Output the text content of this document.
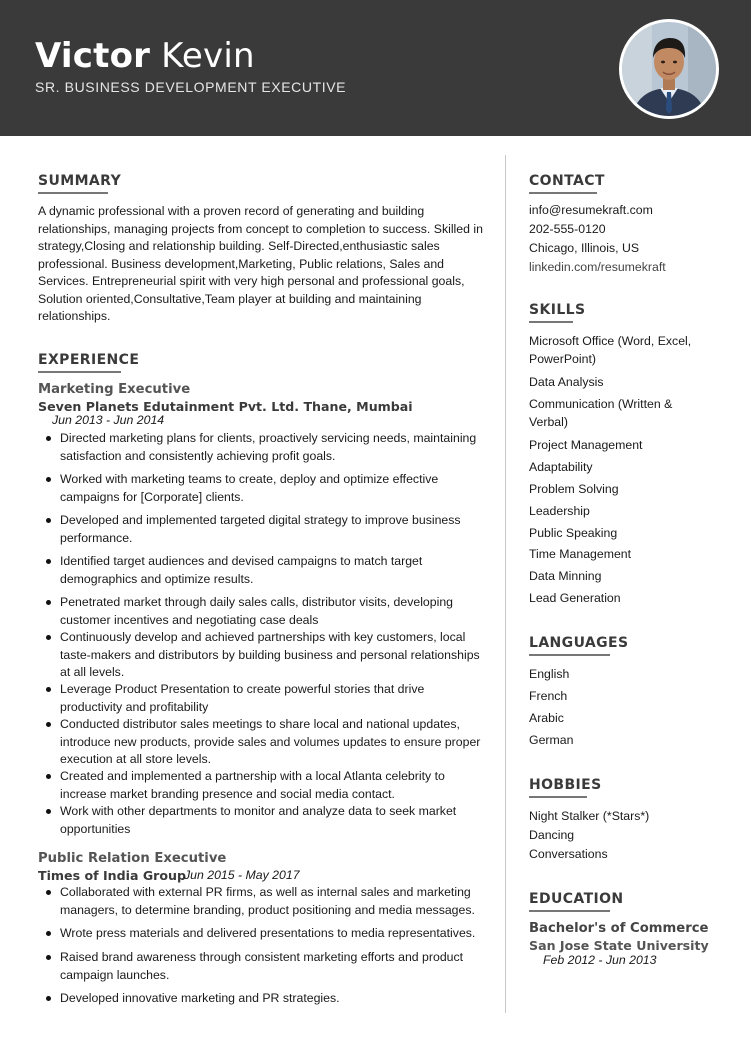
Victor Kevin
SR. BUSINESS DEVELOPMENT EXECUTIVE
SUMMARY
A dynamic professional with a proven record of generating and building
relationships, managing projects from concept to completion to success. Skilled in
strategy,Closing and relationship building. Self-Directed,enthusiastic sales
professional. Business development,Marketing, Public relations, Sales and
Services. Entrepreneurial spirit with very high personal and professional goals,
Solution oriented,Consultative,Team player at building and maintaining
relationships.
EXPERIENCE
Marketing Executive
Seven Planets Edutainment Pvt. Ltd. Thane, Mumbai
Jun 2013 - Jun 2014
Directed marketing plans for clients, proactively servicing needs, maintaining
satisfaction and consistently achieving profit goals.
Worked with marketing teams to create, deploy and optimize effective
campaigns for [Corporate] clients.
Developed and implemented targeted digital strategy to improve business
performance.
Identified target audiences and devised campaigns to match target
demographics and optimize results.
Penetrated market through daily sales calls, distributor visits, developing
customer incentives and negotiating case deals
Continuously develop and achieved partnerships with key customers, local
taste-makers and distributors by building business and personal relationships
at all levels.
Leverage Product Presentation to create powerful stories that drive
productivity and profitability
Conducted distributor sales meetings to share local and national updates,
introduce new products, provide sales and volumes updates to ensure proper
execution at all store levels.
Created and implemented a partnership with a local Atlanta celebrity to
increase market branding presence and social media contact.
Work with other departments to monitor and analyze data to seek market
opportunities
Public Relation Executive
Times of India Group
Jun 2015 - May 2017
Collaborated with external PR firms, as well as internal sales and marketing
managers, to determine branding, product positioning and media messages.
Wrote press materials and delivered presentations to media representatives.
Raised brand awareness through consistent marketing efforts and product
campaign launches.
Developed innovative marketing and PR strategies.
CONTACT
info@resumekraft.com
202-555-0120
Chicago, Illinois, US
linkedin.com/resumekraft
SKILLS
Microsoft Office (Word, Excel,
PowerPoint)
Data Analysis
Communication (Written &
Verbal)
Project Management
Adaptability
Problem Solving
Leadership
Public Speaking
Time Management
Data Minning
Lead Generation
LANGUAGES
English
French
Arabic
German
HOBBIES
Night Stalker (*Stars*)
Dancing
Conversations
EDUCATION
Bachelor's of Commerce
San Jose State University
Feb 2012 - Jun 2013
